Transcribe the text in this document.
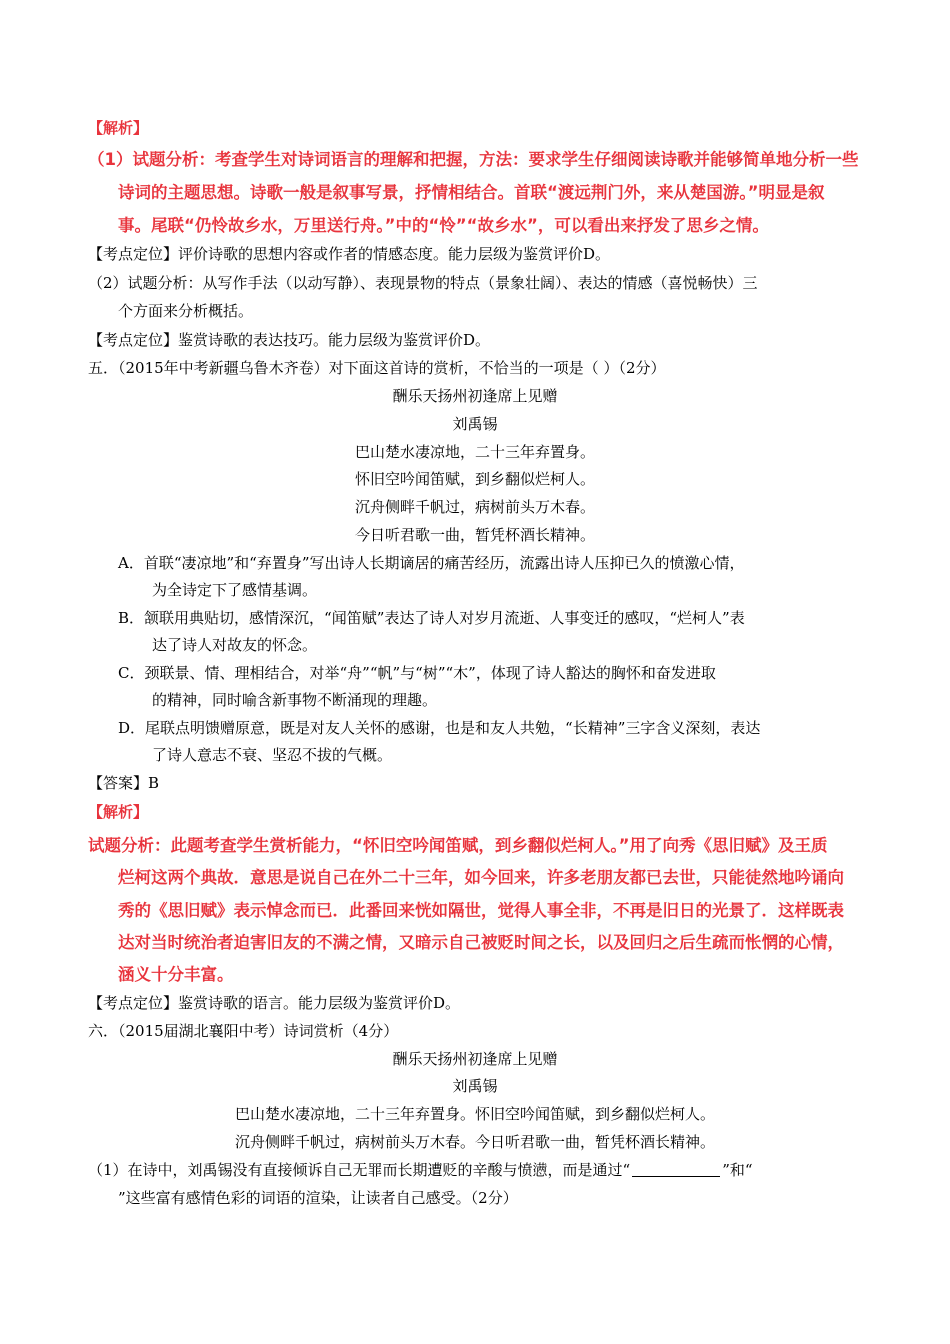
【解析】
（1）试题分析：考查学生对诗词语言的理解和把握，方法：要求学生仔细阅读诗歌并能够简单地分析一些
诗词的主题思想。诗歌一般是叙事写景，抒情相结合。首联“渡远荆门外，来从楚国游。”明显是叙
事。尾联“仍怜故乡水，万里送行舟。”中的“怜”“故乡水”，可以看出来抒发了思乡之情。
【考点定位】评价诗歌的思想内容或作者的情感态度。能力层级为鉴赏评价D。
（2）试题分析：从写作手法（以动写静）、表现景物的特点（景象壮阔）、表达的情感（喜悦畅快）三
个方面来分析概括。
【考点定位】鉴赏诗歌的表达技巧。能力层级为鉴赏评价D。
五．（2015年中考新疆乌鲁木齐卷）对下面这首诗的赏析，不恰当的一项是（ ）（2分）
酬乐天扬州初逢席上见赠
刘禹锡
巴山楚水凄凉地，二十三年弃置身。
怀旧空吟闻笛赋，到乡翻似烂柯人。
沉舟侧畔千帆过，病树前头万木春。
今日听君歌一曲，暂凭杯酒长精神。
A．首联“凄凉地”和“弃置身”写出诗人长期谪居的痛苦经历，流露出诗人压抑已久的愤激心情，
为全诗定下了感情基调。
B．颔联用典贴切，感情深沉，“闻笛赋”表达了诗人对岁月流逝、人事变迁的感叹，“烂柯人”表
达了诗人对故友的怀念。
C．颈联景、情、理相结合，对举“舟”“帆”与“树”“木”，体现了诗人豁达的胸怀和奋发进取
的精神，同时喻含新事物不断涌现的理趣。
D．尾联点明馈赠原意，既是对友人关怀的感谢，也是和友人共勉，“长精神”三字含义深刻，表达
了诗人意志不衰、坚忍不拔的气概。
【答案】B
【解析】
试题分析：此题考查学生赏析能力，“怀旧空吟闻笛赋，到乡翻似烂柯人。”用了向秀《思旧赋》及王质
烂柯这两个典故．意思是说自己在外二十三年，如今回来，许多老朋友都已去世，只能徒然地吟诵向
秀的《思旧赋》表示悼念而已．此番回来恍如隔世，觉得人事全非，不再是旧日的光景了．这样既表
达对当时统治者迫害旧友的不满之情，又暗示自己被贬时间之长，以及回归之后生疏而怅惘的心情，
涵义十分丰富。
【考点定位】鉴赏诗歌的语言。能力层级为鉴赏评价D。
六．（2015届湖北襄阳中考）诗词赏析（4分）
酬乐天扬州初逢席上见赠
刘禹锡
巴山楚水凄凉地，二十三年弃置身。怀旧空吟闻笛赋，到乡翻似烂柯人。
沉舟侧畔千帆过，病树前头万木春。今日听君歌一曲，暂凭杯酒长精神。
（1）在诗中，刘禹锡没有直接倾诉自己无罪而长期遭贬的辛酸与愤懑，而是通过“	”和“
”这些富有感情色彩的词语的渲染，让读者自己感受。（2分）
